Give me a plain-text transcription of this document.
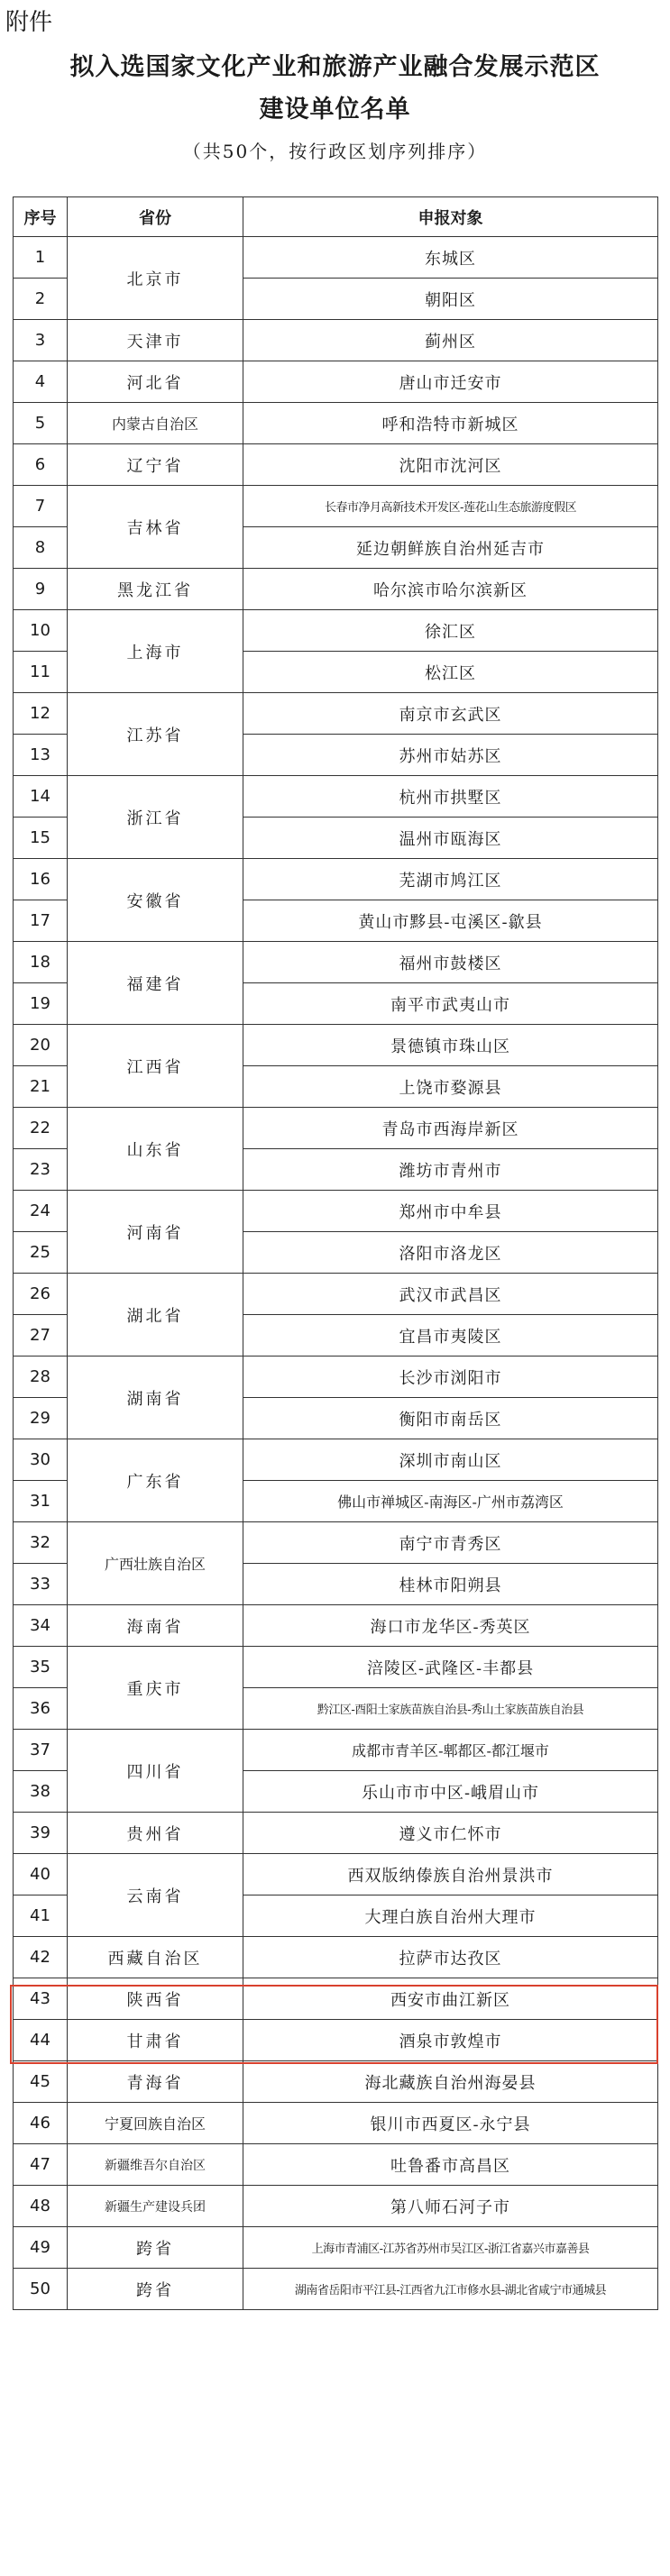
附件
拟入选国家文化产业和旅游产业融合发展示范区
建设单位名单
（共50个，按行政区划序列排序）
序号	省份	申报对象
1	北京市	东城区
2		朝阳区
3	天津市	蓟州区
4	河北省	唐山市迁安市
5	内蒙古自治区	呼和浩特市新城区
6	辽宁省	沈阳市沈河区
7	吉林省	长春市净月高新技术开发区-莲花山生态旅游度假区
8		延边朝鲜族自治州延吉市
9	黑龙江省	哈尔滨市哈尔滨新区
10	上海市	徐汇区
11		松江区
12	江苏省	南京市玄武区
13		苏州市姑苏区
14	浙江省	杭州市拱墅区
15		温州市瓯海区
16	安徽省	芜湖市鸠江区
17		黄山市黟县-屯溪区-歙县
18	福建省	福州市鼓楼区
19		南平市武夷山市
20	江西省	景德镇市珠山区
21		上饶市婺源县
22	山东省	青岛市西海岸新区
23		潍坊市青州市
24	河南省	郑州市中牟县
25		洛阳市洛龙区
26	湖北省	武汉市武昌区
27		宜昌市夷陵区
28	湖南省	长沙市浏阳市
29		衡阳市南岳区
30	广东省	深圳市南山区
31		佛山市禅城区-南海区-广州市荔湾区
32	广西壮族自治区	南宁市青秀区
33		桂林市阳朔县
34	海南省	海口市龙华区-秀英区
35	重庆市	涪陵区-武隆区-丰都县
36		黔江区-酉阳土家族苗族自治县-秀山土家族苗族自治县
37	四川省	成都市青羊区-郫都区-都江堰市
38		乐山市市中区-峨眉山市
39	贵州省	遵义市仁怀市
40	云南省	西双版纳傣族自治州景洪市
41		大理白族自治州大理市
42	西藏自治区	拉萨市达孜区
43	陕西省	西安市曲江新区
44	甘肃省	酒泉市敦煌市
45	青海省	海北藏族自治州海晏县
46	宁夏回族自治区	银川市西夏区-永宁县
47	新疆维吾尔自治区	吐鲁番市高昌区
48	新疆生产建设兵团	第八师石河子市
49	跨省	上海市青浦区-江苏省苏州市吴江区-浙江省嘉兴市嘉善县
50	跨省	湖南省岳阳市平江县-江西省九江市修水县-湖北省咸宁市通城县
